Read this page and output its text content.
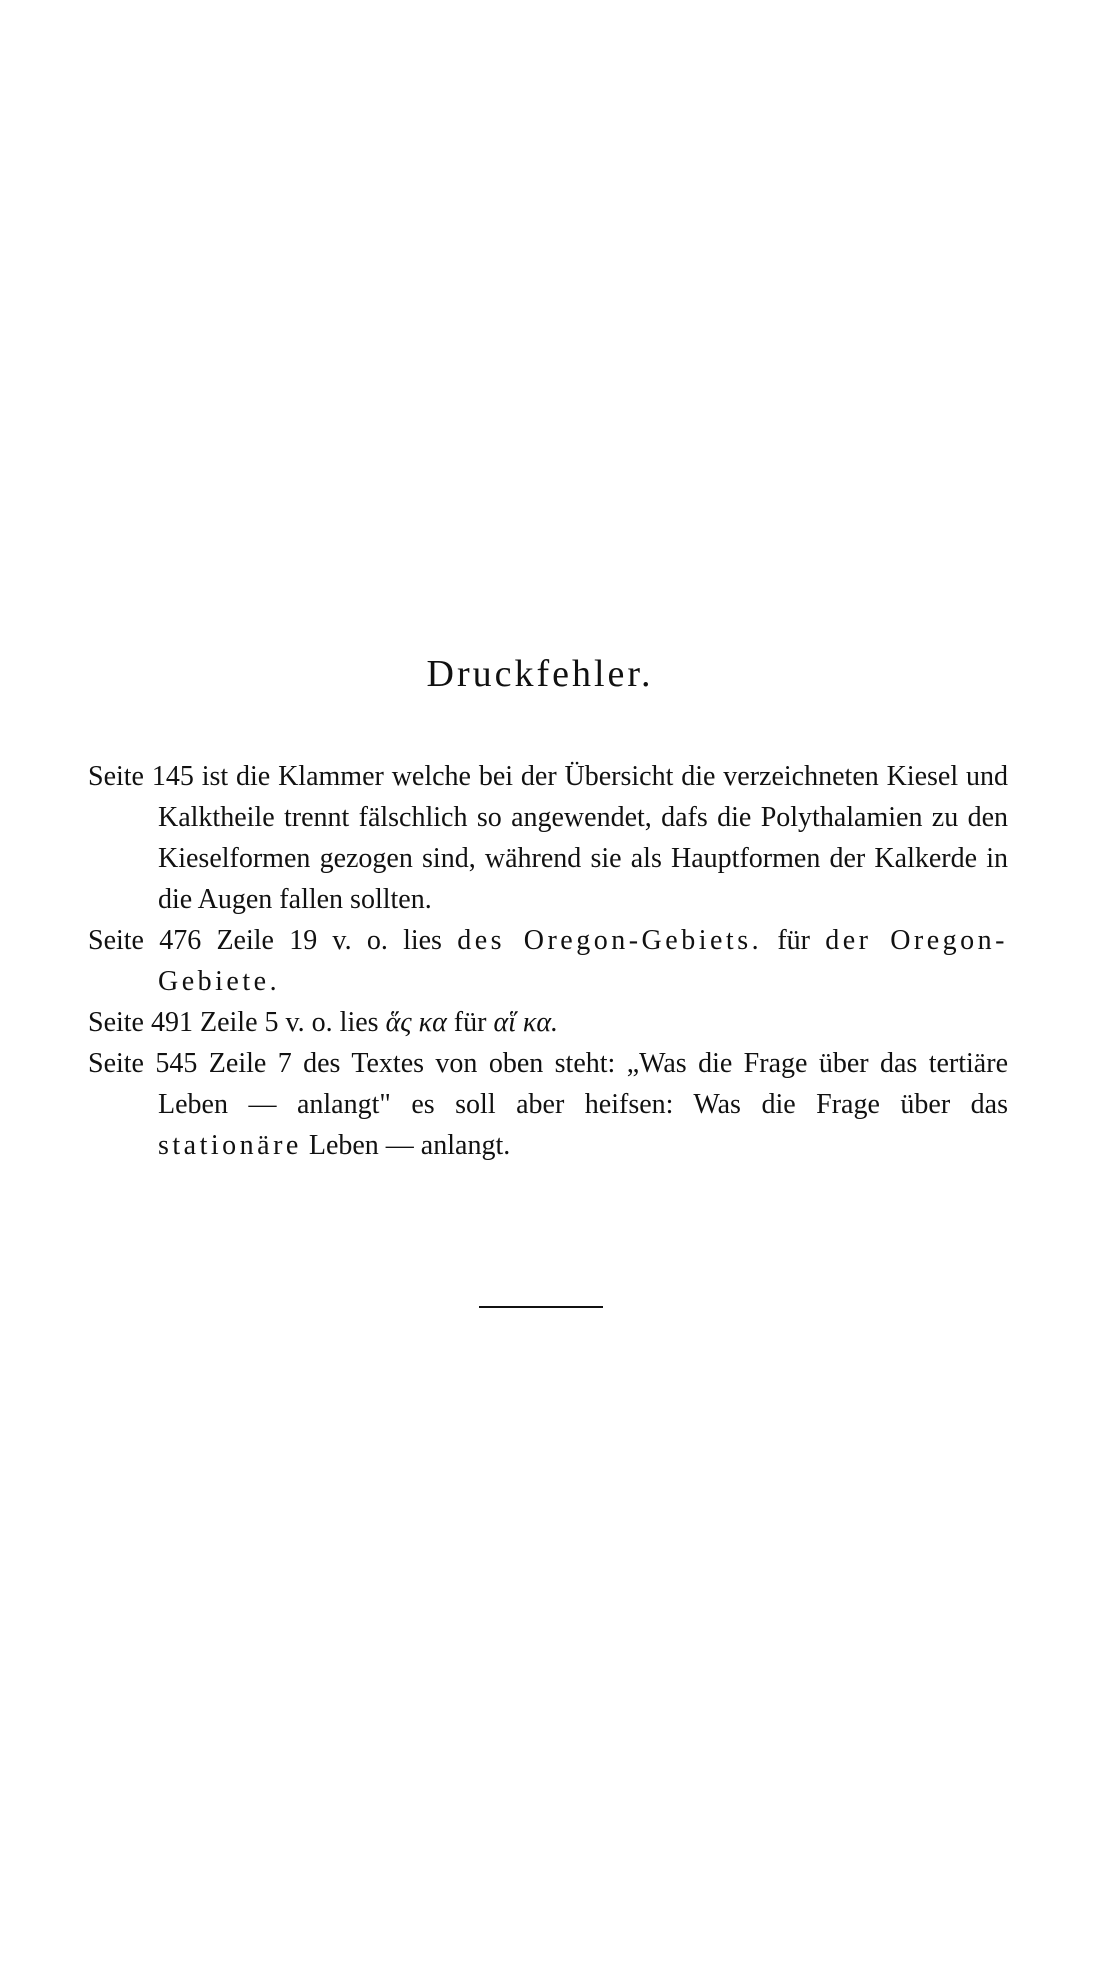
Druckfehler.
Seite 145 ist die Klammer welche bei der Übersicht die verzeichneten Kiesel und Kalktheile trennt fälschlich so angewendet, dafs die Polythalamien zu den Kieselformen gezogen sind, während sie als Hauptformen der Kalkerde in die Augen fallen sollten.
Seite 476 Zeile 19 v. o. lies des Oregon-Gebiets. für der Oregon-Gebiete.
Seite 491 Zeile 5 v. o. lies ἅς κα für αἵ κα.
Seite 545 Zeile 7 des Textes von oben steht: „Was die Frage über das tertiäre Leben — anlangt" es soll aber heifsen: Was die Frage über das stationäre Leben — anlangt.
